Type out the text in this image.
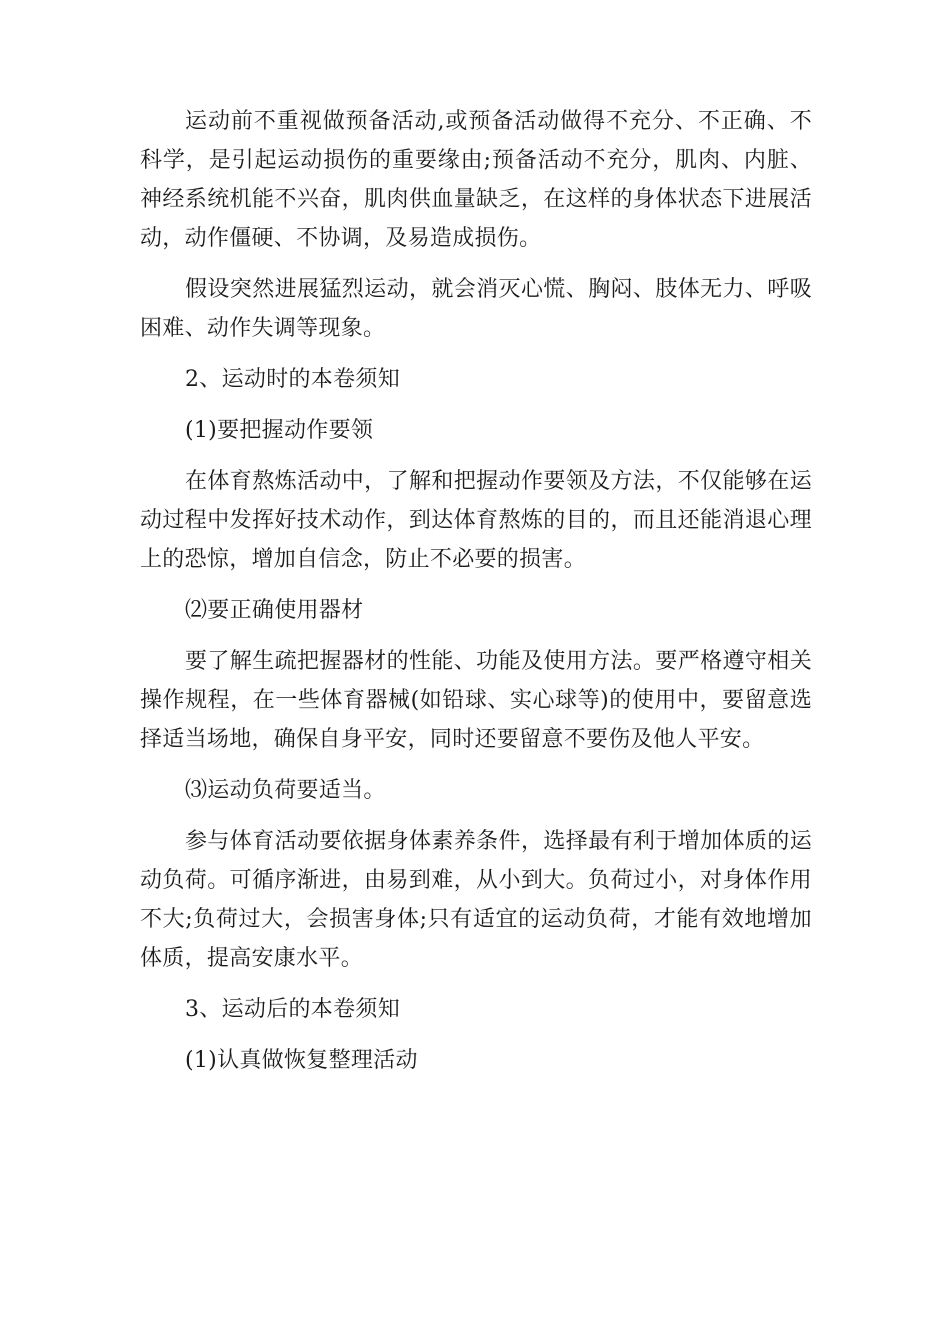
运动前不重视做预备活动,或预备活动做得不充分、不正确、不科学，是引起运动损伤的重要缘由;预备活动不充分，肌肉、内脏、神经系统机能不兴奋，肌肉供血量缺乏，在这样的身体状态下进展活动，动作僵硬、不协调，及易造成损伤。

假设突然进展猛烈运动，就会消灭心慌、胸闷、肢体无力、呼吸困难、动作失调等现象。

2、运动时的本卷须知

(1)要把握动作要领

在体育熬炼活动中，了解和把握动作要领及方法，不仅能够在运动过程中发挥好技术动作，到达体育熬炼的目的，而且还能消退心理上的恐惊，增加自信念，防止不必要的损害。

⑵要正确使用器材

要了解生疏把握器材的性能、功能及使用方法。要严格遵守相关操作规程，在一些体育器械(如铅球、实心球等)的使用中，要留意选择适当场地，确保自身平安，同时还要留意不要伤及他人平安。

⑶运动负荷要适当。

参与体育活动要依据身体素养条件，选择最有利于增加体质的运动负荷。可循序渐进，由易到难，从小到大。负荷过小，对身体作用不大;负荷过大，会损害身体;只有适宜的运动负荷，才能有效地增加体质，提高安康水平。

3、运动后的本卷须知

(1)认真做恢复整理活动
